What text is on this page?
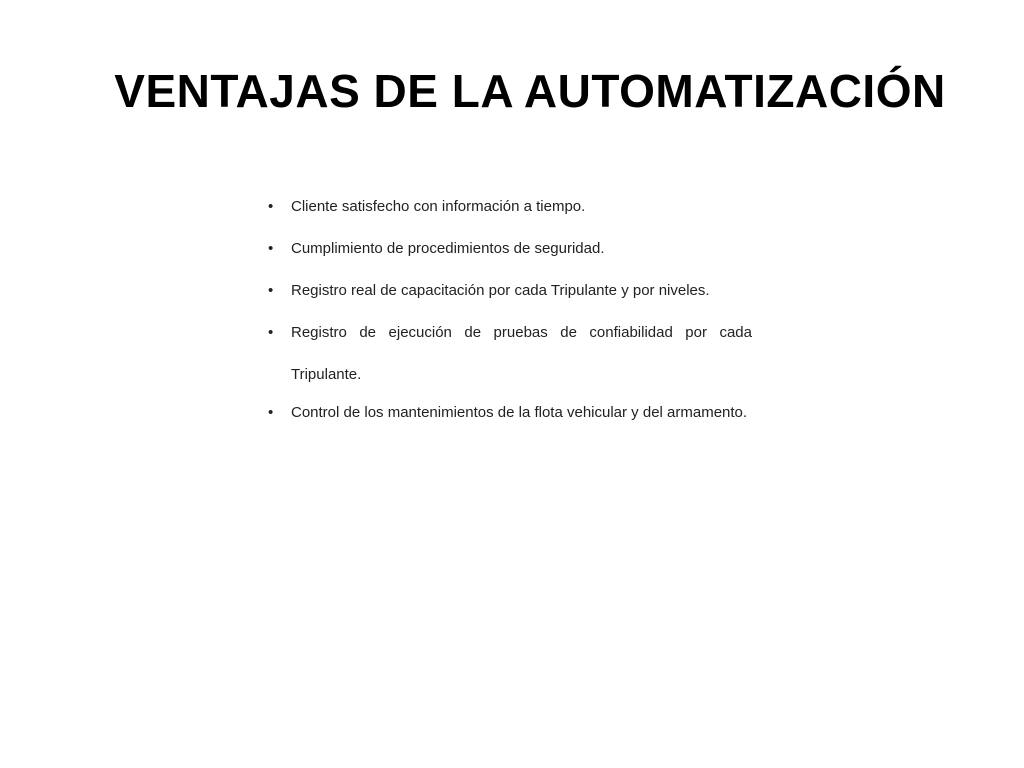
VENTAJAS DE LA AUTOMATIZACIÓN
• Cliente satisfecho con información a tiempo.
• Cumplimiento de procedimientos de seguridad.
• Registro real de capacitación por cada Tripulante y por niveles.
• Registro de ejecución de pruebas de confiabilidad por cada Tripulante.
• Control de los mantenimientos de la flota vehicular y del armamento.
